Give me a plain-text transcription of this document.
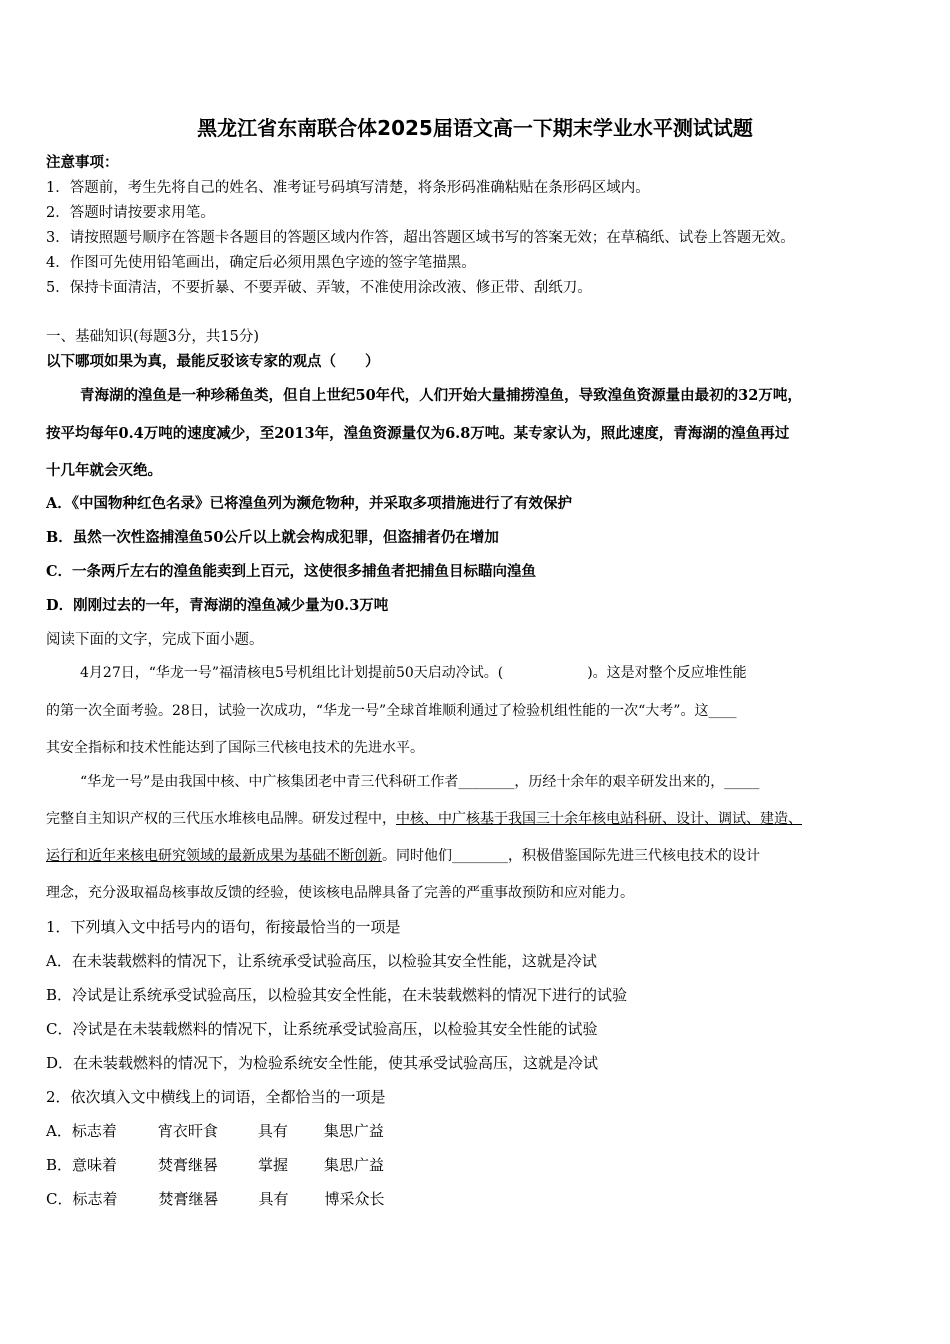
黑龙江省东南联合体2025届语文高一下期末学业水平测试试题
注意事项：
1．答题前，考生先将自己的姓名、准考证号码填写清楚，将条形码准确粘贴在条形码区域内。
2．答题时请按要求用笔。
3．请按照题号顺序在答题卡各题目的答题区域内作答，超出答题区域书写的答案无效；在草稿纸、试卷上答题无效。
4．作图可先使用铅笔画出，确定后必须用黑色字迹的签字笔描黑。
5．保持卡面清洁，不要折暴、不要弄破、弄皱，不准使用涂改液、修正带、刮纸刀。
一、基础知识(每题3分，共15分)
以下哪项如果为真，最能反驳该专家的观点（　　）
青海湖的湟鱼是一种珍稀鱼类，但自上世纪50年代，人们开始大量捕捞湟鱼，导致湟鱼资源量由最初的32万吨，
按平均每年0.4万吨的速度减少，至2013年，湟鱼资源量仅为6.8万吨。某专家认为，照此速度，青海湖的湟鱼再过
十几年就会灭绝。
A．《中国物种红色名录》已将湟鱼列为濒危物种，并采取多项措施进行了有效保护
B．虽然一次性盗捕湟鱼50公斤以上就会构成犯罪，但盗捕者仍在增加
C．一条两斤左右的湟鱼能卖到上百元，这使很多捕鱼者把捕鱼目标瞄向湟鱼
D．刚刚过去的一年，青海湖的湟鱼减少量为0.3万吨
阅读下面的文字，完成下面小题。
4月27日，“华龙一号”福清核电5号机组比计划提前50天启动冷试。(　　　　　　)。这是对整个反应堆性能
的第一次全面考验。28日，试验一次成功，“华龙一号”全球首堆顺利通过了检验机组性能的一次“大考”。这____
其安全指标和技术性能达到了国际三代核电技术的先进水平。
“华龙一号”是由我国中核、中广核集团老中青三代科研工作者________，历经十余年的艰辛研发出来的，_____
完整自主知识产权的三代压水堆核电品牌。研发过程中，中核、中广核基于我国三十余年核电站科研、设计、调试、建造、
运行和近年来核电研究领域的最新成果为基础不断创新。同时他们________，积极借鉴国际先进三代核电技术的设计
理念，充分汲取福岛核事故反馈的经验，使该核电品牌具备了完善的严重事故预防和应对能力。
1．下列填入文中括号内的语句，衔接最恰当的一项是
A．在未装载燃料的情况下，让系统承受试验高压，以检验其安全性能，这就是冷试
B．冷试是让系统承受试验高压，以检验其安全性能，在未装载燃料的情况下进行的试验
C．冷试是在未装载燃料的情况下，让系统承受试验高压，以检验其安全性能的试验
D．在未装载燃料的情况下，为检验系统安全性能，使其承受试验高压，这就是冷试
2．依次填入文中横线上的词语，全都恰当的一项是
A．标志着	宵衣旰食	具有 集思广益
B．意味着	焚膏继晷	掌握 集思广益
C．标志着	焚膏继晷	具有 博采众长
